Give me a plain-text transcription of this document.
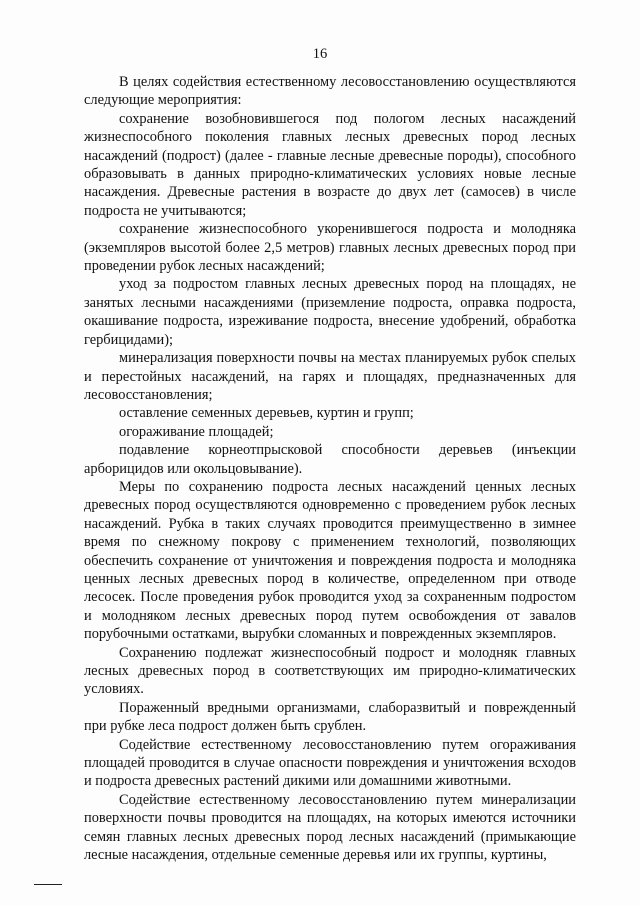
16

В целях содействия естественному лесовосстановлению осуществляются следующие мероприятия:

сохранение возобновившегося под пологом лесных насаждений жизнеспособного поколения главных лесных древесных пород лесных насаждений (подрост) (далее - главные лесные древесные породы), способного образовывать в данных природно-климатических условиях новые лесные насаждения. Древесные растения в возрасте до двух лет (самосев) в числе подроста не учитываются;

сохранение жизнеспособного укоренившегося подроста и молодняка (экземпляров высотой более 2,5 метров) главных лесных древесных пород при проведении рубок лесных насаждений;

уход за подростом главных лесных древесных пород на площадях, не занятых лесными насаждениями (приземление подроста, оправка подроста, окашивание подроста, изреживание подроста, внесение удобрений, обработка гербицидами);

минерализация поверхности почвы на местах планируемых рубок спелых и перестойных насаждений, на гарях и площадях, предназначенных для лесовосстановления;

оставление семенных деревьев, куртин и групп;

огораживание площадей;

подавление корнеотпрысковой способности деревьев (инъекции арборицидов или окольцовывание).

Меры по сохранению подроста лесных насаждений ценных лесных древесных пород осуществляются одновременно с проведением рубок лесных насаждений. Рубка в таких случаях проводится преимущественно в зимнее время по снежному покрову с применением технологий, позволяющих обеспечить сохранение от уничтожения и повреждения подроста и молодняка ценных лесных древесных пород в количестве, определенном при отводе лесосек. После проведения рубок проводится уход за сохраненным подростом и молодняком лесных древесных пород путем освобождения от завалов порубочными остатками, вырубки сломанных и поврежденных экземпляров.

Сохранению подлежат жизнеспособный подрост и молодняк главных лесных древесных пород в соответствующих им природно-климатических условиях.

Пораженный вредными организмами, слаборазвитый и поврежденный при рубке леса подрост должен быть срублен.

Содействие естественному лесовосстановлению путем огораживания площадей проводится в случае опасности повреждения и уничтожения всходов и подроста древесных растений дикими или домашними животными.

Содействие естественному лесовосстановлению путем минерализации поверхности почвы проводится на площадях, на которых имеются источники семян главных лесных древесных пород лесных насаждений (примыкающие лесные насаждения, отдельные семенные деревья или их группы, куртины,
